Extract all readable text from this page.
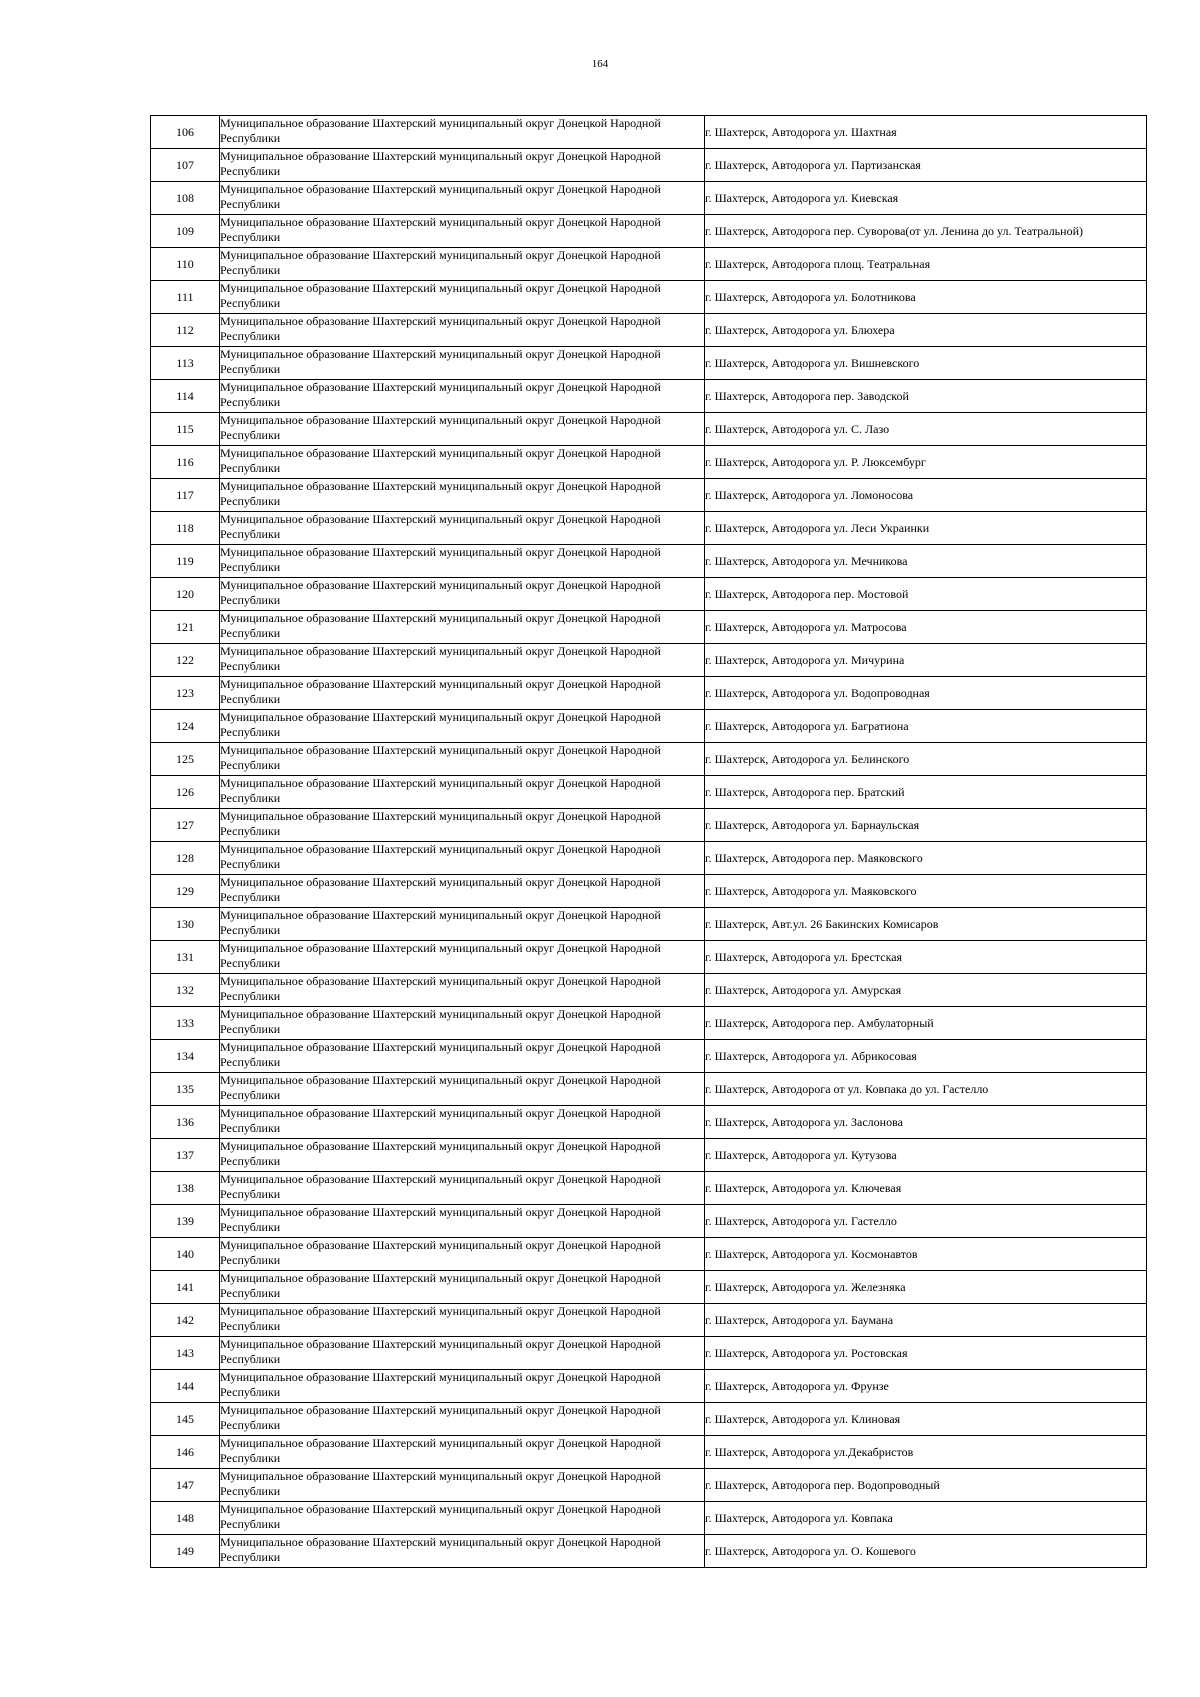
164
106	Муниципальное образование Шахтерский муниципальный округ Донецкой Народной Республики	г. Шахтерск, Автодорога ул. Шахтная
107	Муниципальное образование Шахтерский муниципальный округ Донецкой Народной Республики	г. Шахтерск, Автодорога ул. Партизанская
108	Муниципальное образование Шахтерский муниципальный округ Донецкой Народной Республики	г. Шахтерск, Автодорога ул. Киевская
109	Муниципальное образование Шахтерский муниципальный округ Донецкой Народной Республики	г. Шахтерск, Автодорога пер. Суворова(от ул. Ленина до ул. Театральной)
110	Муниципальное образование Шахтерский муниципальный округ Донецкой Народной Республики	г. Шахтерск, Автодорога площ. Театральная
111	Муниципальное образование Шахтерский муниципальный округ Донецкой Народной Республики	г. Шахтерск, Автодорога ул. Болотникова
112	Муниципальное образование Шахтерский муниципальный округ Донецкой Народной Республики	г. Шахтерск, Автодорога ул. Блюхера
113	Муниципальное образование Шахтерский муниципальный округ Донецкой Народной Республики	г. Шахтерск, Автодорога ул. Вишневского
114	Муниципальное образование Шахтерский муниципальный округ Донецкой Народной Республики	г. Шахтерск, Автодорога пер. Заводской
115	Муниципальное образование Шахтерский муниципальный округ Донецкой Народной Республики	г. Шахтерск, Автодорога ул. С. Лазо
116	Муниципальное образование Шахтерский муниципальный округ Донецкой Народной Республики	г. Шахтерск, Автодорога ул. Р. Люксембург
117	Муниципальное образование Шахтерский муниципальный округ Донецкой Народной Республики	г. Шахтерск, Автодорога ул. Ломоносова
118	Муниципальное образование Шахтерский муниципальный округ Донецкой Народной Республики	г. Шахтерск, Автодорога ул. Леси Украинки
119	Муниципальное образование Шахтерский муниципальный округ Донецкой Народной Республики	г. Шахтерск, Автодорога ул. Мечникова
120	Муниципальное образование Шахтерский муниципальный округ Донецкой Народной Республики	г. Шахтерск, Автодорога пер. Мостовой
121	Муниципальное образование Шахтерский муниципальный округ Донецкой Народной Республики	г. Шахтерск, Автодорога ул. Матросова
122	Муниципальное образование Шахтерский муниципальный округ Донецкой Народной Республики	г. Шахтерск, Автодорога ул. Мичурина
123	Муниципальное образование Шахтерский муниципальный округ Донецкой Народной Республики	г. Шахтерск, Автодорога ул. Водопроводная
124	Муниципальное образование Шахтерский муниципальный округ Донецкой Народной Республики	г. Шахтерск, Автодорога ул. Багратиона
125	Муниципальное образование Шахтерский муниципальный округ Донецкой Народной Республики	г. Шахтерск, Автодорога ул. Белинского
126	Муниципальное образование Шахтерский муниципальный округ Донецкой Народной Республики	г. Шахтерск, Автодорога пер. Братский
127	Муниципальное образование Шахтерский муниципальный округ Донецкой Народной Республики	г. Шахтерск, Автодорога ул. Барнаульская
128	Муниципальное образование Шахтерский муниципальный округ Донецкой Народной Республики	г. Шахтерск, Автодорога пер. Маяковского
129	Муниципальное образование Шахтерский муниципальный округ Донецкой Народной Республики	г. Шахтерск, Автодорога ул. Маяковского
130	Муниципальное образование Шахтерский муниципальный округ Донецкой Народной Республики	г. Шахтерск, Авт.ул. 26 Бакинских Комисаров
131	Муниципальное образование Шахтерский муниципальный округ Донецкой Народной Республики	г. Шахтерск, Автодорога ул. Брестская
132	Муниципальное образование Шахтерский муниципальный округ Донецкой Народной Республики	г. Шахтерск, Автодорога ул. Амурская
133	Муниципальное образование Шахтерский муниципальный округ Донецкой Народной Республики	г. Шахтерск, Автодорога пер. Амбулаторный
134	Муниципальное образование Шахтерский муниципальный округ Донецкой Народной Республики	г. Шахтерск, Автодорога ул. Абрикосовая
135	Муниципальное образование Шахтерский муниципальный округ Донецкой Народной Республики	г. Шахтерск, Автодорога от ул. Ковпака до ул. Гастелло
136	Муниципальное образование Шахтерский муниципальный округ Донецкой Народной Республики	г. Шахтерск, Автодорога ул. Заслонова
137	Муниципальное образование Шахтерский муниципальный округ Донецкой Народной Республики	г. Шахтерск, Автодорога ул. Кутузова
138	Муниципальное образование Шахтерский муниципальный округ Донецкой Народной Республики	г. Шахтерск, Автодорога ул. Ключевая
139	Муниципальное образование Шахтерский муниципальный округ Донецкой Народной Республики	г. Шахтерск, Автодорога ул. Гастелло
140	Муниципальное образование Шахтерский муниципальный округ Донецкой Народной Республики	г. Шахтерск, Автодорога ул. Космонавтов
141	Муниципальное образование Шахтерский муниципальный округ Донецкой Народной Республики	г. Шахтерск, Автодорога ул. Железняка
142	Муниципальное образование Шахтерский муниципальный округ Донецкой Народной Республики	г. Шахтерск, Автодорога ул. Баумана
143	Муниципальное образование Шахтерский муниципальный округ Донецкой Народной Республики	г. Шахтерск, Автодорога ул. Ростовская
144	Муниципальное образование Шахтерский муниципальный округ Донецкой Народной Республики	г. Шахтерск, Автодорога ул. Фрунзе
145	Муниципальное образование Шахтерский муниципальный округ Донецкой Народной Республики	г. Шахтерск, Автодорога ул. Клиновая
146	Муниципальное образование Шахтерский муниципальный округ Донецкой Народной Республики	г. Шахтерск, Автодорога ул.Декабристов
147	Муниципальное образование Шахтерский муниципальный округ Донецкой Народной Республики	г. Шахтерск, Автодорога пер. Водопроводный
148	Муниципальное образование Шахтерский муниципальный округ Донецкой Народной Республики	г. Шахтерск, Автодорога ул. Ковпака
149	Муниципальное образование Шахтерский муниципальный округ Донецкой Народной Республики	г. Шахтерск, Автодорога ул. О. Кошевого
